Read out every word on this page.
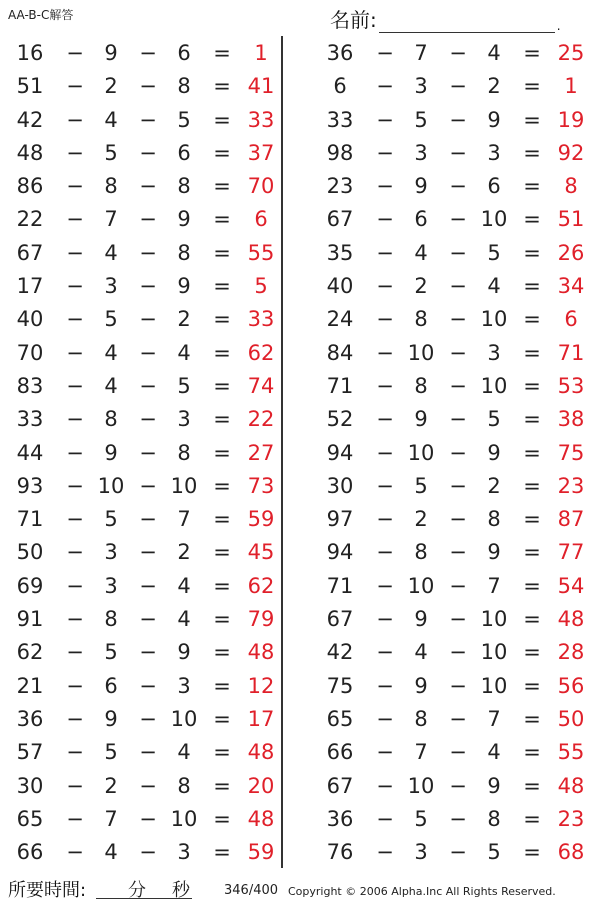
AA-B-C解答	名前:	.
16	− 9	− 6	=	1
51	− 2	− 8	= 41
42	− 4	− 5	= 33
48	− 5	− 6	= 37
86	− 8	− 8	= 70
22	− 7	− 9	=	6
67	− 4	− 8	= 55
17	− 3	− 9	=	5
40	− 5	− 2	= 33
70	− 4	− 4	= 62
83	− 4	− 5	= 74
33	− 8	− 3	= 22
44	− 9	− 8	= 27
93	− 10 − 10 = 73
71	− 5	− 7	= 59
50	− 3	− 2	= 45
69	− 3	− 4	= 62
91	− 8	− 4	= 79
62	− 5	− 9	= 48
21	− 6	− 3	= 12
36	− 9	− 10 = 17
57	− 5	− 4	= 48
30	− 2	− 8	= 20
65	− 7	− 10 = 48
66	− 4	− 3	= 59
36	− 7	− 4	= 25
6	− 3	− 2	=	1
33	− 5	− 9	= 19
98	− 3	− 3	= 92
23	− 9	− 6	=	8
67	− 6	− 10 = 51
35	− 4	− 5	= 26
40	− 2	− 4	= 34
24	− 8	− 10 =	6
84	− 10 − 3	= 71
71	− 8	− 10 = 53
52	− 9	− 5	= 38
94	− 10 − 9	= 75
30	− 5	− 2	= 23
97	− 2	− 8	= 87
94	− 8	− 9	= 77
71	− 10 − 7	= 54
67	− 9	− 10 = 48
42	− 4	− 10 = 28
75	− 9	− 10 = 56
65	− 8	− 7	= 50
66	− 7	− 4	= 55
67	− 10 − 9	= 48
36	− 5	− 8	= 23
76	− 3	− 5	= 68
所要時間: 分 秒	346/400 Copyright © 2006 Alpha.Inc All Rights Reserved.
